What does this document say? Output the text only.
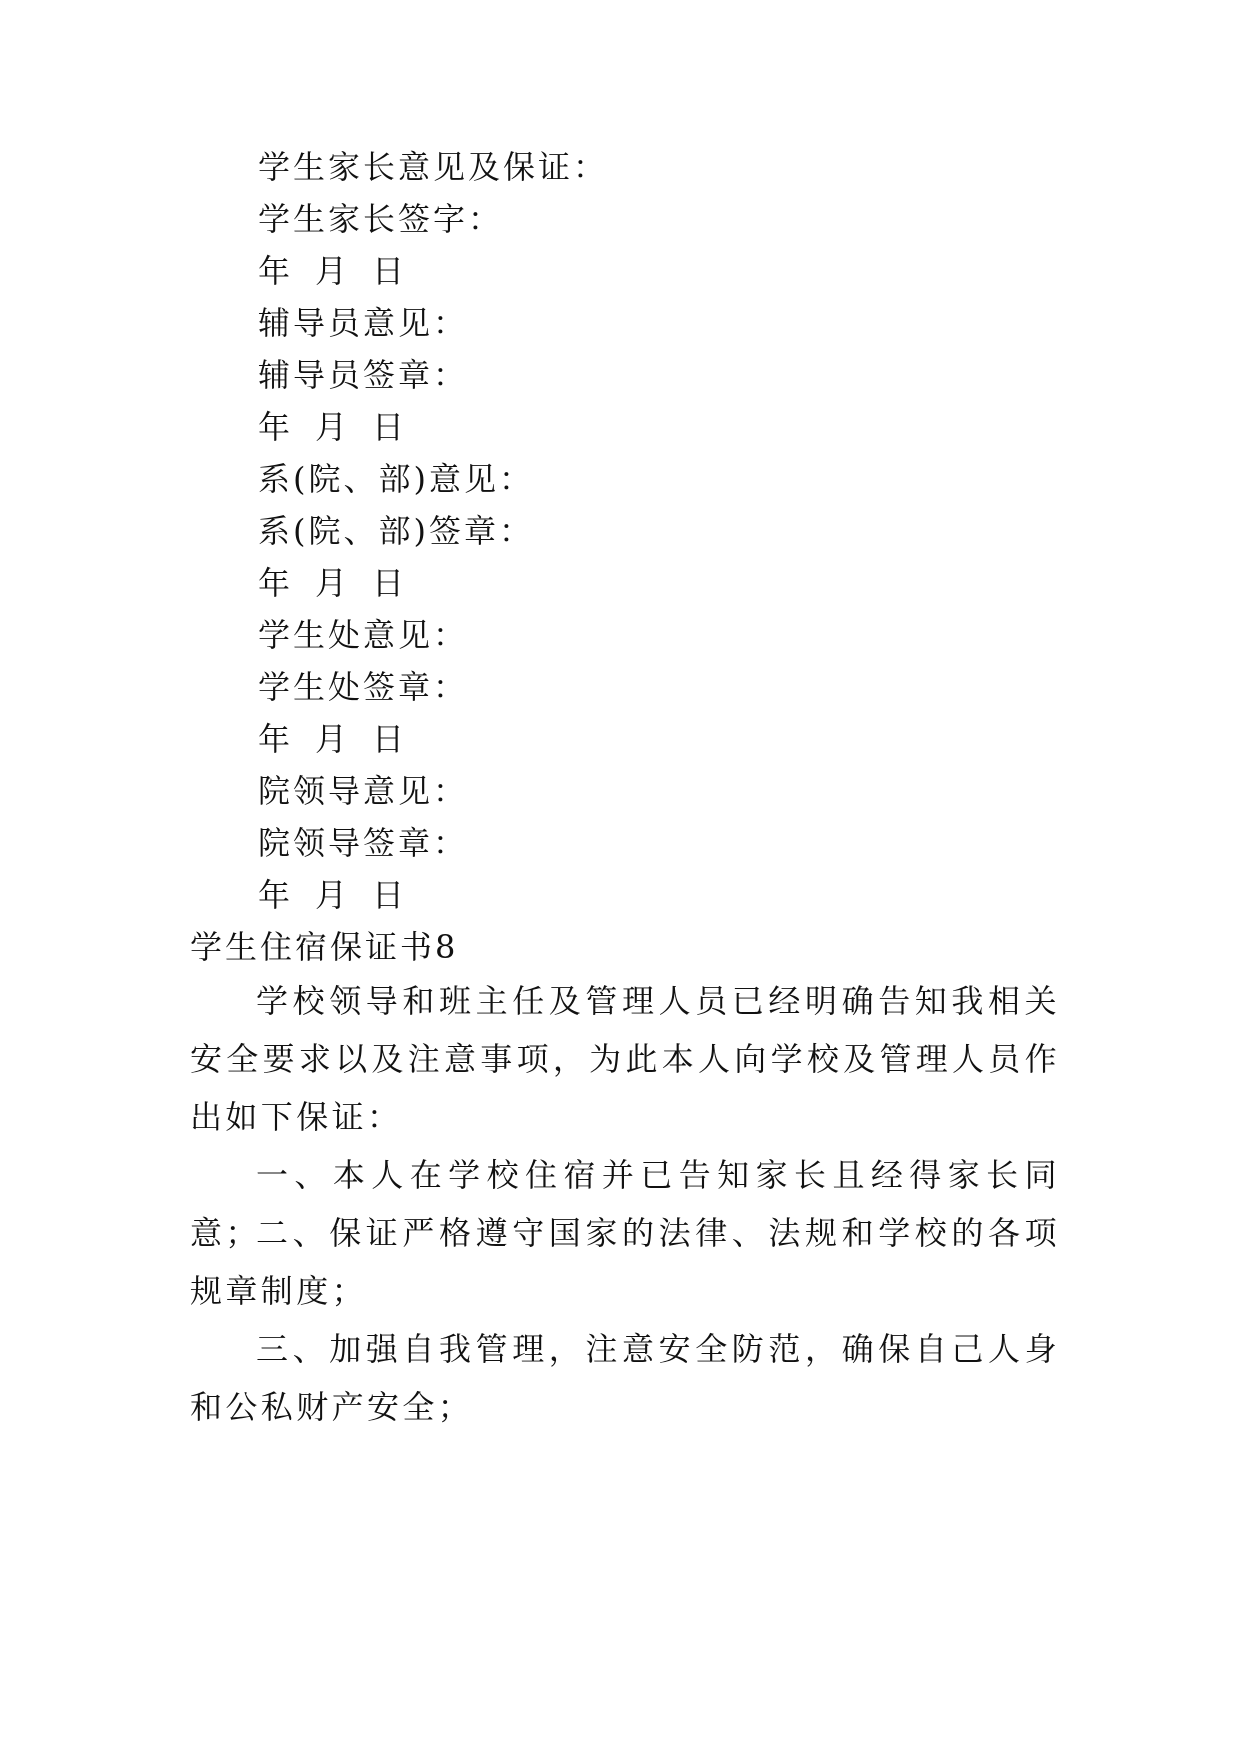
学生家长意见及保证：
学生家长签字：
年 月 日
辅导员意见：
辅导员签章：
年 月 日
系(院、部)意见：
系(院、部)签章：
年 月 日
学生处意见：
学生处签章：
年 月 日
院领导意见：
院领导签章：
年 月 日
学生住宿保证书8

学校领导和班主任及管理人员已经明确告知我相关安全要求以及注意事项，为此本人向学校及管理人员作出如下保证：

一、本人在学校住宿并已告知家长且经得家长同意；

二、保证严格遵守国家的法律、法规和学校的各项规章制度；

三、加强自我管理，注意安全防范，确保自己人身和公私财产安全；
